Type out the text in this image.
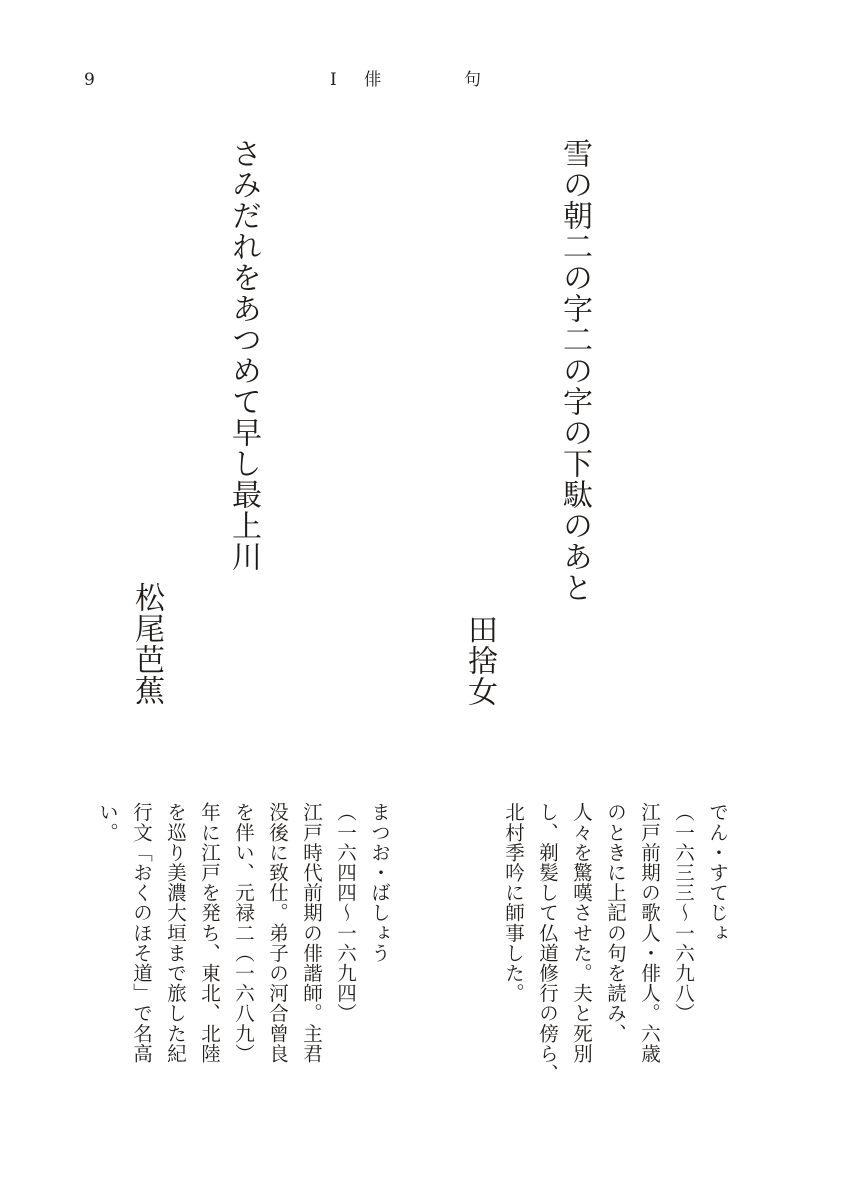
9	I 俳	句
雪の朝二の字二の字の下駄のあと
田捨女
さみだれをあつめて早し最上川
松尾芭蕉
でん・すてじょ
（一六三三～一六九八）
江戸前期の歌人・俳人。六歳
のときに上記の句を読み、
人々を驚嘆させた。夫と死別
し、剃髪して仏道修行の傍ら、
北村季吟に師事した。
まつお・ばしょう
（一六四四～一六九四）
江戸時代前期の俳諧師。主君
没後に致仕。弟子の河合曾良
を伴い、元禄二（一六八九）
年に江戸を発ち、東北、北陸
を巡り美濃大垣まで旅した紀
行文「おくのほそ道」で名高
い。
